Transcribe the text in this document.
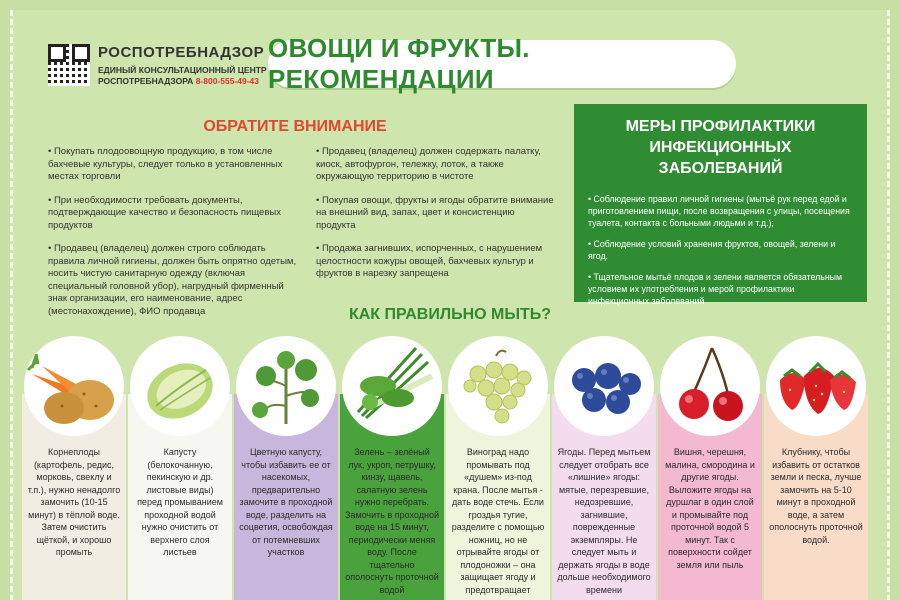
РОСПОТРЕБНАДЗОР
ЕДИНЫЙ КОНСУЛЬТАЦИОННЫЙ ЦЕНТР
РОСПОТРЕБНАДЗОРА 8-800-555-49-43
ОВОЩИ И ФРУКТЫ. РЕКОМЕНДАЦИИ
ОБРАТИТЕ ВНИМАНИЕ

• Покупать плодоовощную продукцию, в том числе бахчевые культуры, следует только в установленных местах торговли

• При необходимости требовать документы, подтверждающие качество и безопасность пищевых продуктов

• Продавец (владелец) должен строго соблюдать правила личной гигиены, должен быть опрятно одетым, носить чистую санитарную одежду (включая специальный головной убор), нагрудный фирменный знак организации, его наименование, адрес (местонахождение), ФИО продавца

• Продавец (владелец) должен содержать палатку, киоск, автофургон, тележку, лоток, а также окружающую территорию в чистоте

• Покупая овощи, фрукты и ягоды обратите внимание на внешний вид, запах, цвет и консистенцию продукта

• Продажа загнивших, испорченных, с нарушением целостности кожуры овощей, бахчевых культур и фруктов в нарезку запрещена

МЕРЫ ПРОФИЛАКТИКИ
ИНФЕКЦИОННЫХ ЗАБОЛЕВАНИЙ

• Соблюдение правил личной гигиены (мытьё рук перед едой и приготовлением пищи, после возвращения с улицы, посещения туалета, контакта с больными людьми и т.д.);

• Соблюдение условий хранения фруктов, овощей, зелени и ягод.

• Тщательное мытьё плодов и зелени является обязательным условием их употребления и мерой профилактики инфекционных заболеваний

КАК ПРАВИЛЬНО МЫТЬ?
Корнеплоды (картофель, редис, морковь, свеклу и т.п.), нужно ненадолго замочить (10-15 минут) в тёплой воде. Затем очистить щёткой, и хорошо промыть
Капусту (белокочанную, пекинскую и др. листовые виды) перед промыванием проходной водой нужно очистить от верхнего слоя листьев
Цветную капусту, чтобы избавить ее от насекомых, предварительно замочите в проходной воде, разделить на соцветия, освобождая от потемневших участков
Зелень – зелёный лук, укроп, петрушку, кинзу, щавель, салатную зелень нужно перебрать. Замочить в проходной воде на 15 минут, периодически меняя воду. После тщательно ополоснуть проточной водой
Виноград надо промывать под «душем» из-под крана. После мытья - дать воде стечь. Если гроздья тугие, разделите с помощью ножниц, но не отрывайте ягоды от плодоножки – она защищает ягоду и предотвращает
Ягоды. Перед мытьем следует отобрать все «лишние» ягоды: мятые, перезревшие, недозревшие, загнившие, поврежденные экземпляры. Не следует мыть и держать ягоды в воде дольше необходимого времени
Вишня, черешня, малина, смородина и другие ягоды. Выложите ягоды на дуршлаг в один слой и промывайте под проточной водой 5 минут. Так с поверхности сойдет земля или пыль
Клубнику, чтобы избавить от остатков земли и песка, лучше замочить на 5-10 минут в проходной воде, а затем ополоснуть проточной водой.
